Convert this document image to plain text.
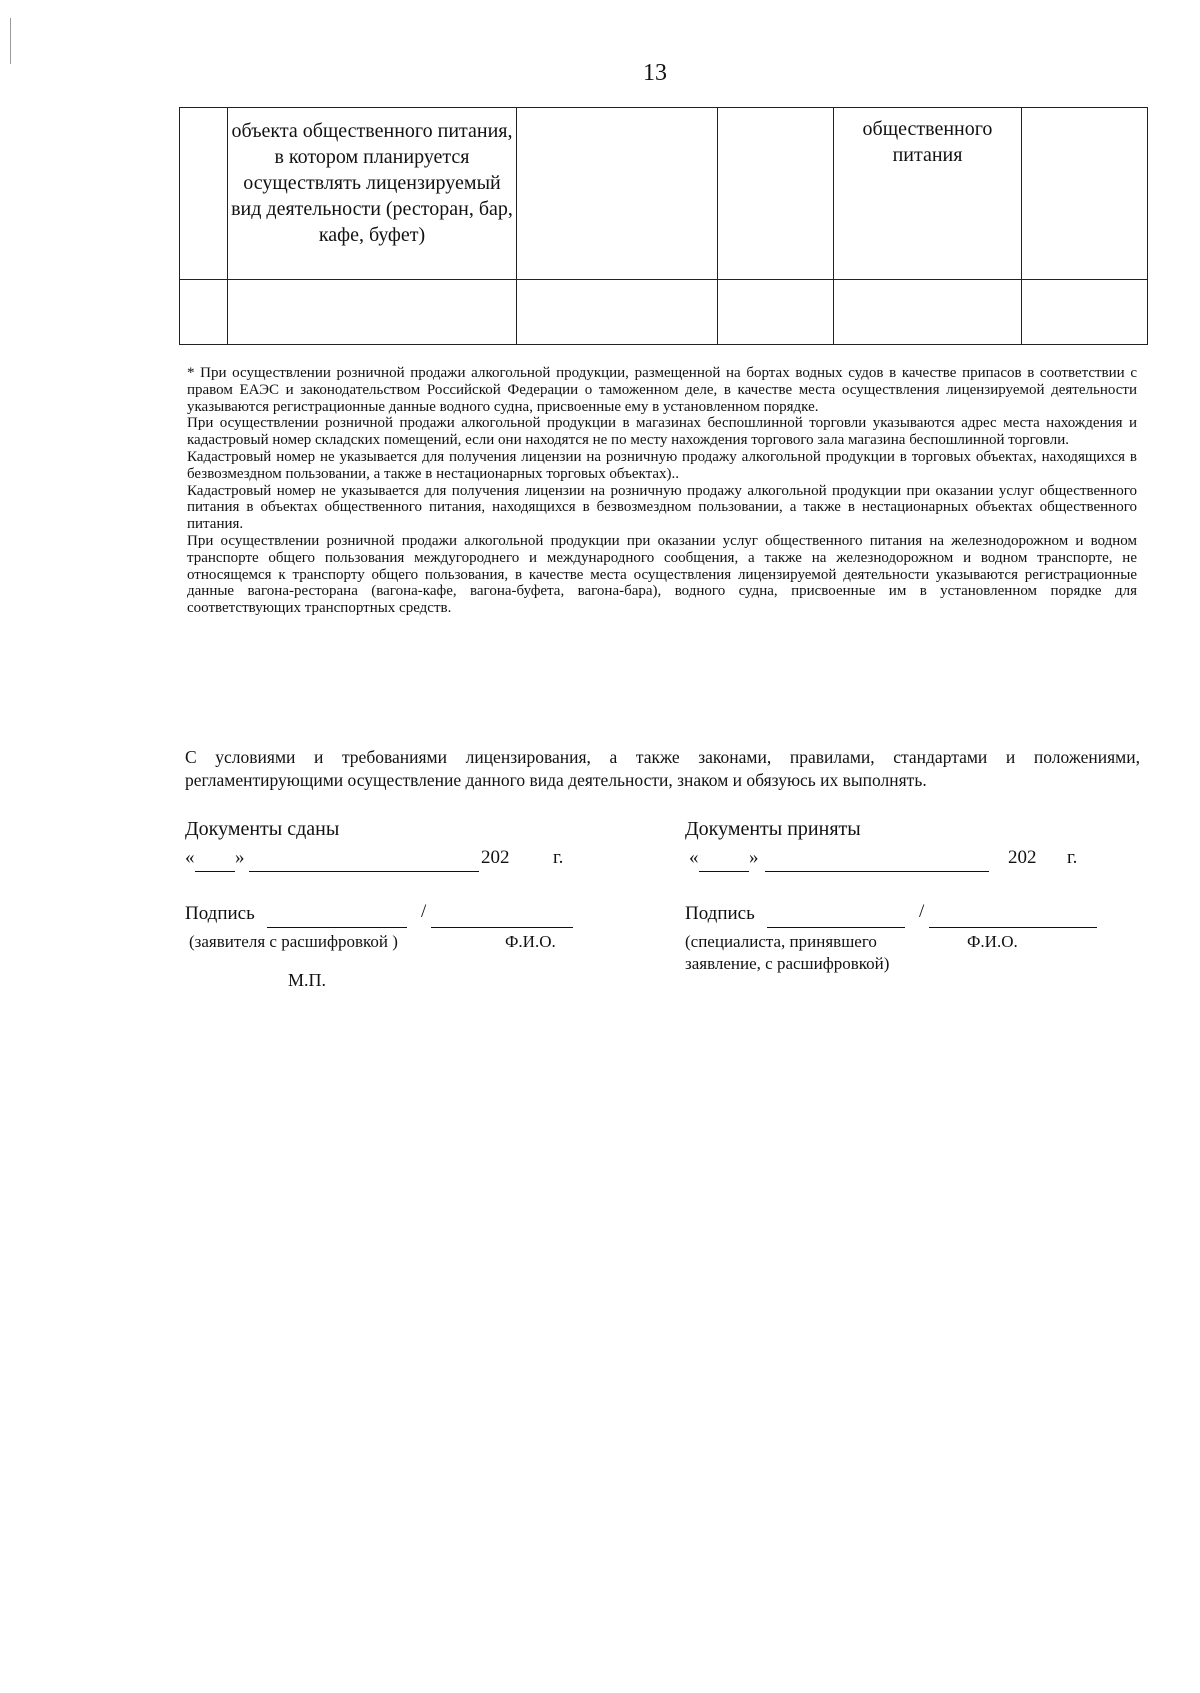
13

	объекта общественного питания, в котором планируется осуществлять лицензируемый вид деятельности (ресторан, бар, кафе, буфет)			общественного питания	

* При осуществлении розничной продажи алкогольной продукции, размещенной на бортах водных судов в качестве припасов в соответствии с правом ЕАЭС и законодательством Российской Федерации о таможенном деле, в качестве места осуществления лицензируемой деятельности указываются регистрационные данные водного судна, присвоенные ему в установленном порядке.

При осуществлении розничной продажи алкогольной продукции в магазинах беспошлинной торговли указываются адрес места нахождения и кадастровый номер складских помещений, если они находятся не по месту нахождения торгового зала магазина беспошлинной торговли.

Кадастровый номер не указывается для получения лицензии на розничную продажу алкогольной продукции в торговых объектах, находящихся в безвозмездном пользовании, а также в нестационарных торговых объектах)..

Кадастровый номер не указывается для получения лицензии на розничную продажу алкогольной продукции при оказании услуг общественного питания в объектах общественного питания, находящихся в безвозмездном пользовании, а также в нестационарных объектах общественного питания.

При осуществлении розничной продажи алкогольной продукции при оказании услуг общественного питания на железнодорожном и водном транспорте общего пользования междугороднего и международного сообщения, а также на железнодорожном и водном транспорте, не относящемся к транспорту общего пользования, в качестве места осуществления лицензируемой деятельности указываются регистрационные данные вагона-ресторана (вагона-кафе, вагона-буфета, вагона-бара), водного судна, присвоенные им в установленном порядке для соответствующих транспортных средств.

С условиями и требованиями лицензирования, а также законами, правилами, стандартами и положениями, регламентирующими осуществление данного вида деятельности, знаком и обязуюсь их выполнять.
Документы сданы
« »	202 г.
Подпись	/
(заявителя с расшифровкой )	Ф.И.О.
Документы приняты
«	»	202 г.
Подпись	/
(специалиста, принявшего	Ф.И.О.
заявление, с расшифровкой)
М.П.
